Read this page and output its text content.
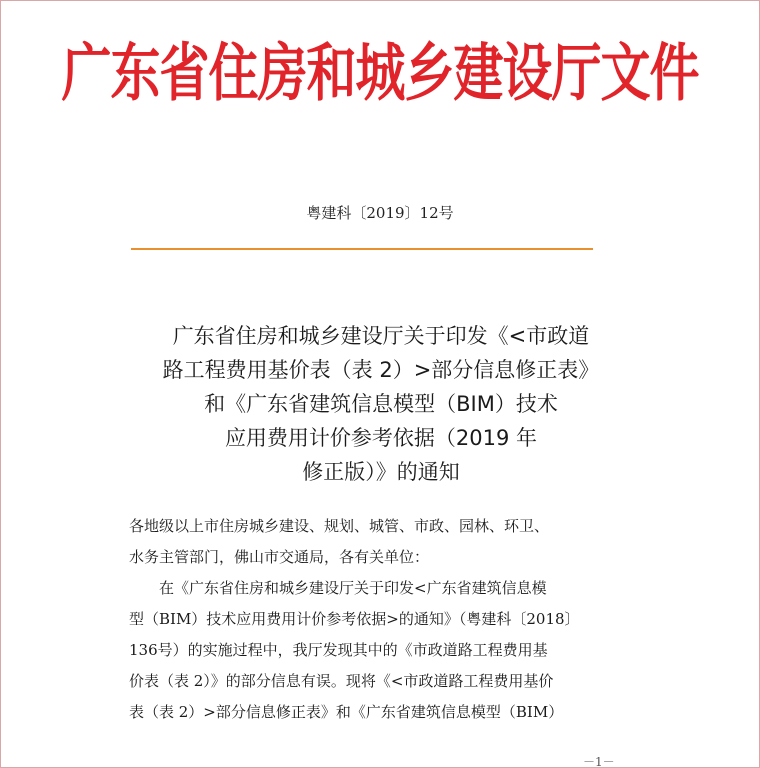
广东省住房和城乡建设厅文件
粤建科〔2019〕12号
广东省住房和城乡建设厅关于印发《<市政道
路工程费用基价表（表 2）>部分信息修正表》
和《广东省建筑信息模型（BIM）技术
应用费用计价参考依据（2019 年
修正版）》的通知
各地级以上市住房城乡建设、规划、城管、市政、园林、环卫、
水务主管部门，佛山市交通局，各有关单位：
在《广东省住房和城乡建设厅关于印发<广东省建筑信息模
型（BIM）技术应用费用计价参考依据>的通知》（粤建科〔2018〕
136号）的实施过程中，我厅发现其中的《市政道路工程费用基
价表（表 2）》的部分信息有误。现将《<市政道路工程费用基价
表（表 2）>部分信息修正表》和《广东省建筑信息模型（BIM）
－1－
